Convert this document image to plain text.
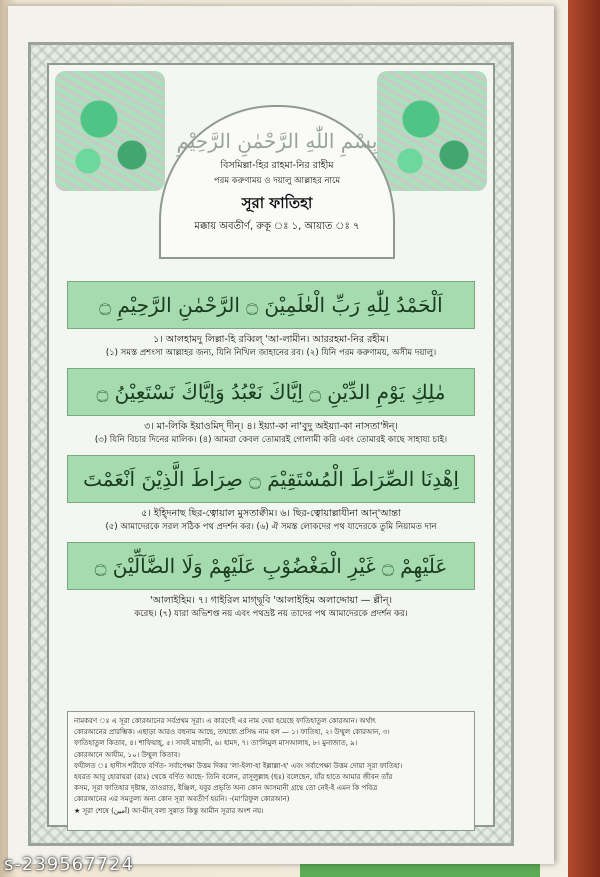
بِسْمِ اللّٰهِ الرَّحْمٰنِ الرَّحِيْمِ
বিসমিল্লা-হির রাহমা-নির রাহীম
পরম করুণাময় ও দয়ালু আল্লাহর নামে
সূরা ফাতিহা
মক্কায় অবতীর্ণ, রুকূ ঃ ১, আয়াত ঃ ৭
اَلْحَمْدُ لِلّٰهِ رَبِّ الْعٰلَمِيْنَ ۝ الرَّحْمٰنِ الرَّحِيْمِ ۝
১। আলহামদু লিল্লা-হি রব্বিল্ 'আ-লামীন। আররহমা-নির রহীম।
(১) সমস্ত প্রশংসা আল্লাহর জন্য, যিনি নিখিল জাহানের রব। (২) যিনি পরম করুণাময়, অসীম দয়ালু।
مٰلِكِ يَوْمِ الدِّيْنِ ۝ اِيَّاكَ نَعْبُدُ وَاِيَّاكَ نَسْتَعِيْنُ ۝
৩। মা-লিকি ইয়াওমিদ্ দীন্। ৪। ইয়্যা-কা না'বুদু অইয়্যা-কা নাসতা'ঈন্।
(৩) যিনি বিচার দিনের মালিক। (৪) আমরা কেবল তোমারই গোলামী করি এবং তোমারই কাছে সাহায্য চাই।
اِهْدِنَا الصِّرَاطَ الْمُسْتَقِيْمَ ۝ صِرَاطَ الَّذِيْنَ اَنْعَمْتَ
৫। ইহ্দিনাছ ছির-ত্বোয়াল মুসতাক্বীম। ৬। ছির-ত্বোয়াল্লাযীনা আন্'আম্তা
(৫) আমাদেরকে সরল সঠিক পথ প্রদর্শন কর। (৬) ঐ সমস্ত লোকদের পথ যাদেরকে তুমি নিয়ামত দান
عَلَيْهِمْ ۝ غَيْرِ الْمَغْضُوْبِ عَلَيْهِمْ وَلَا الضَّآلِّيْنَ ۝
'আলাইহিম। ৭। গাইরিল মাগ্দ্বূবি 'আলাইহিম অলাদ্দোয়া — ল্লীন্।
করেছ। (৭) যারা অভিশপ্ত নয় এবং পথভ্রষ্ট নয় তাদের পথ আমাদেরকে প্রদর্শন কর।
নামকরণ ঃ এ সূরা কোরআনের সর্বপ্রথম সূরা। এ কারণেই এর নাম দেয়া হয়েছে ফাতিহাতুল কোরআন। অর্থাৎ
কোরআনের প্রারম্ভিক। এছাড়া আরও বহুনাম আছে, তন্মধ্যে প্রসিদ্ধ নাম হল — ১। ফাতিহা, ২। উম্মুল কোরআন, ৩।
ফাতিহাতুল কিতাব, ৪। শাফিয়াহ্, ৫। সাবই মাছানী, ৬। হামদ, ৭। তা'লিমুল মাসআলাহ, ৮। মুনাজাত, ৯।
কোরআনে আযীম, ১০। উম্মুল কিতাব।
ফযীলত ঃ হাদীস শরীফে বর্ণিত- সর্বাপেক্ষা উত্তম দিকর 'লা-ইলা-হা ইল্লাল্লা-হ' এবং সর্বাপেক্ষা উত্তম দোয়া সূরা ফাতিহা।
হযরত আবু হোরায়রা (রাঃ) থেকে বর্ণিত আছে- তিনি বলেন, রাসূলুল্লাহ (ছঃ) বলেছেন, যাঁর হাতে আমার জীবন তাঁর
কসম, সূরা ফাতিহার দৃষ্টান্ত, তাওরাত, ইঞ্জিল, যবুর প্রভৃতি অন্য কোন আসমানী গ্রন্থে তো নেই-ই এমন কি পবিত্র
কোরআনের এর সমতুল্য অন্য কোন সূরা অবতীর্ণ হয়নি। -(মা'রিফুল কোরআন)
★ সূরা শেষে (آمين) আ-মীন্ বলা সুন্নাত কিন্তু আমীন সূরার অংশ নয়।
s-239567724
